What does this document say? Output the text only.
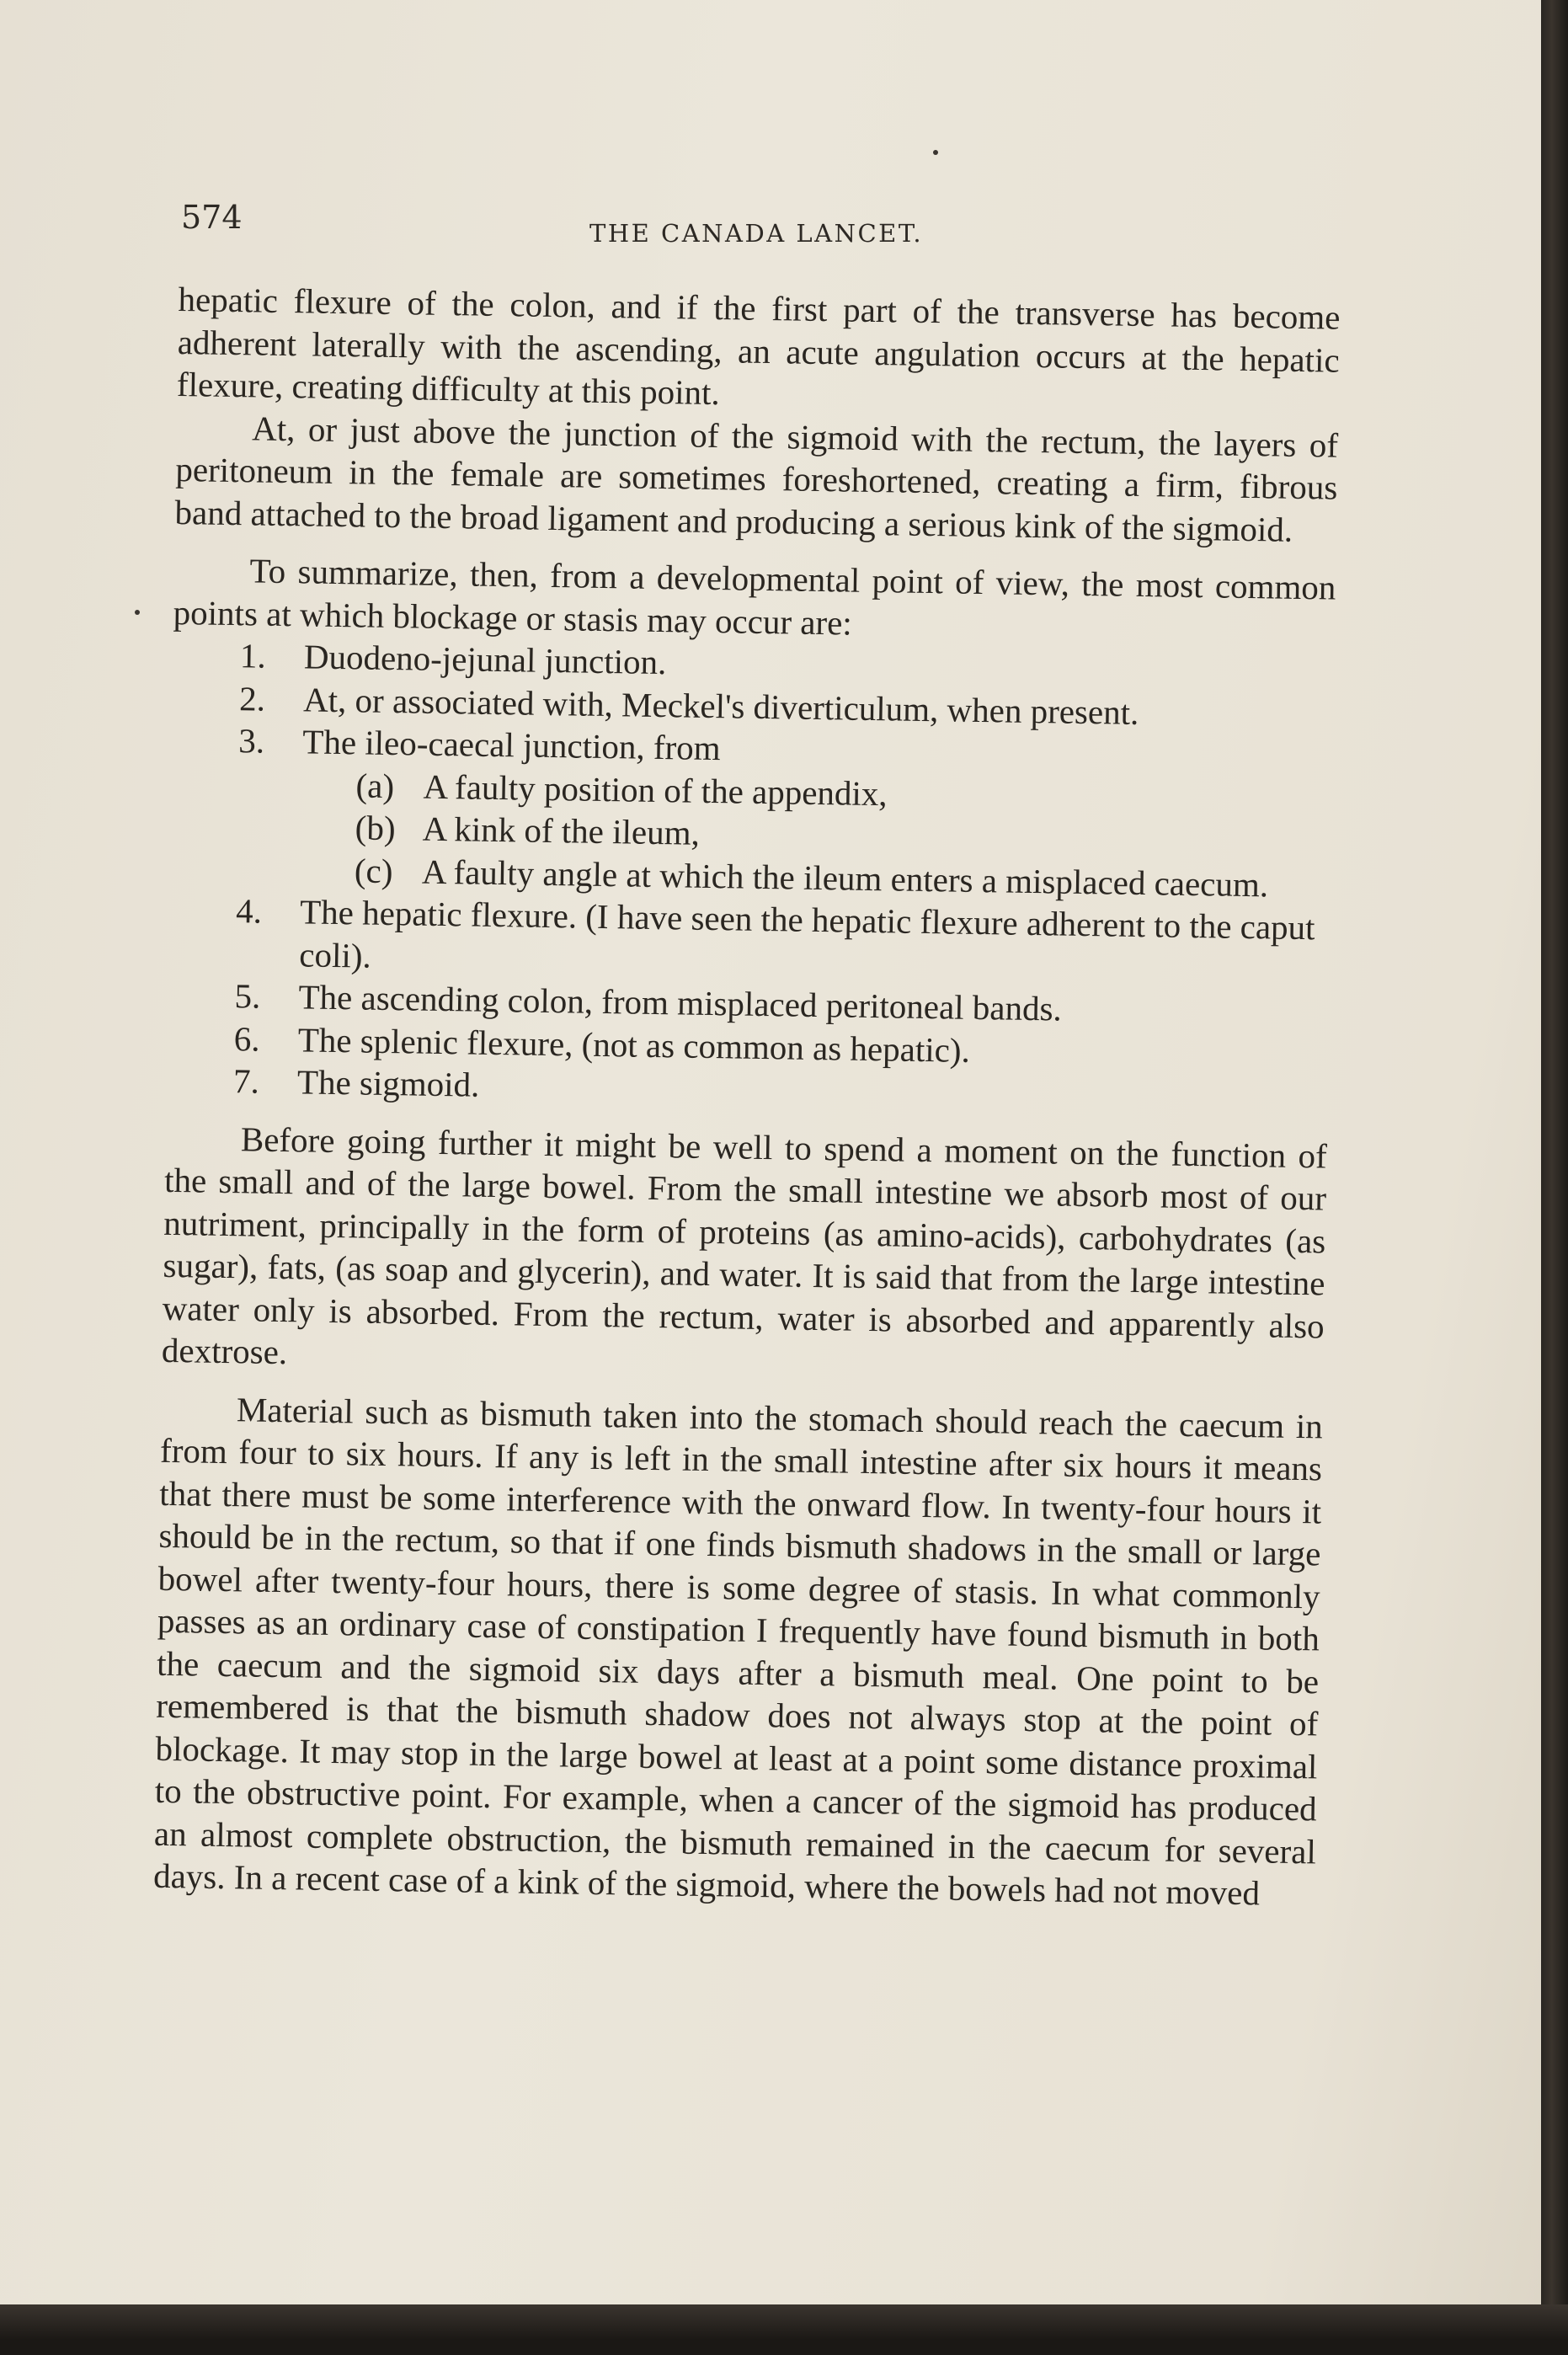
574	THE CANADA LANCET.

hepatic flexure of the colon, and if the first part of the transverse has become adherent laterally with the ascending, an acute angulation occurs at the hepatic flexure, creating difficulty at this point.

At, or just above the junction of the sigmoid with the rectum, the layers of peritoneum in the female are sometimes foreshortened, creating a firm, fibrous band attached to the broad ligament and producing a serious kink of the sigmoid.

To summarize, then, from a developmental point of view, the most common points at which blockage or stasis may occur are:

1. Duodeno-jejunal junction.
2. At, or associated with, Meckel's diverticulum, when present.
3. The ileo-caecal junction, from
(a) A faulty position of the appendix,
(b) A kink of the ileum,
(c) A faulty angle at which the ileum enters a misplaced caecum.
4. The hepatic flexure. (I have seen the hepatic flexure adherent to the caput coli).
5. The ascending colon, from misplaced peritoneal bands.
6. The splenic flexure, (not as common as hepatic).
7. The sigmoid.

Before going further it might be well to spend a moment on the function of the small and of the large bowel. From the small intestine we absorb most of our nutriment, principally in the form of proteins (as amino-acids), carbohydrates (as sugar), fats, (as soap and glycerin), and water. It is said that from the large intestine water only is absorbed. From the rectum, water is absorbed and apparently also dextrose.

Material such as bismuth taken into the stomach should reach the caecum in from four to six hours. If any is left in the small intestine after six hours it means that there must be some interference with the onward flow. In twenty-four hours it should be in the rectum, so that if one finds bismuth shadows in the small or large bowel after twenty-four hours, there is some degree of stasis. In what commonly passes as an ordinary case of constipation I frequently have found bismuth in both the caecum and the sigmoid six days after a bismuth meal. One point to be remembered is that the bismuth shadow does not always stop at the point of blockage. It may stop in the large bowel at least at a point some distance proximal to the obstructive point. For example, when a cancer of the sigmoid has produced an almost complete obstruction, the bismuth remained in the caecum for several days. In a recent case of a kink of the sigmoid, where the bowels had not moved
